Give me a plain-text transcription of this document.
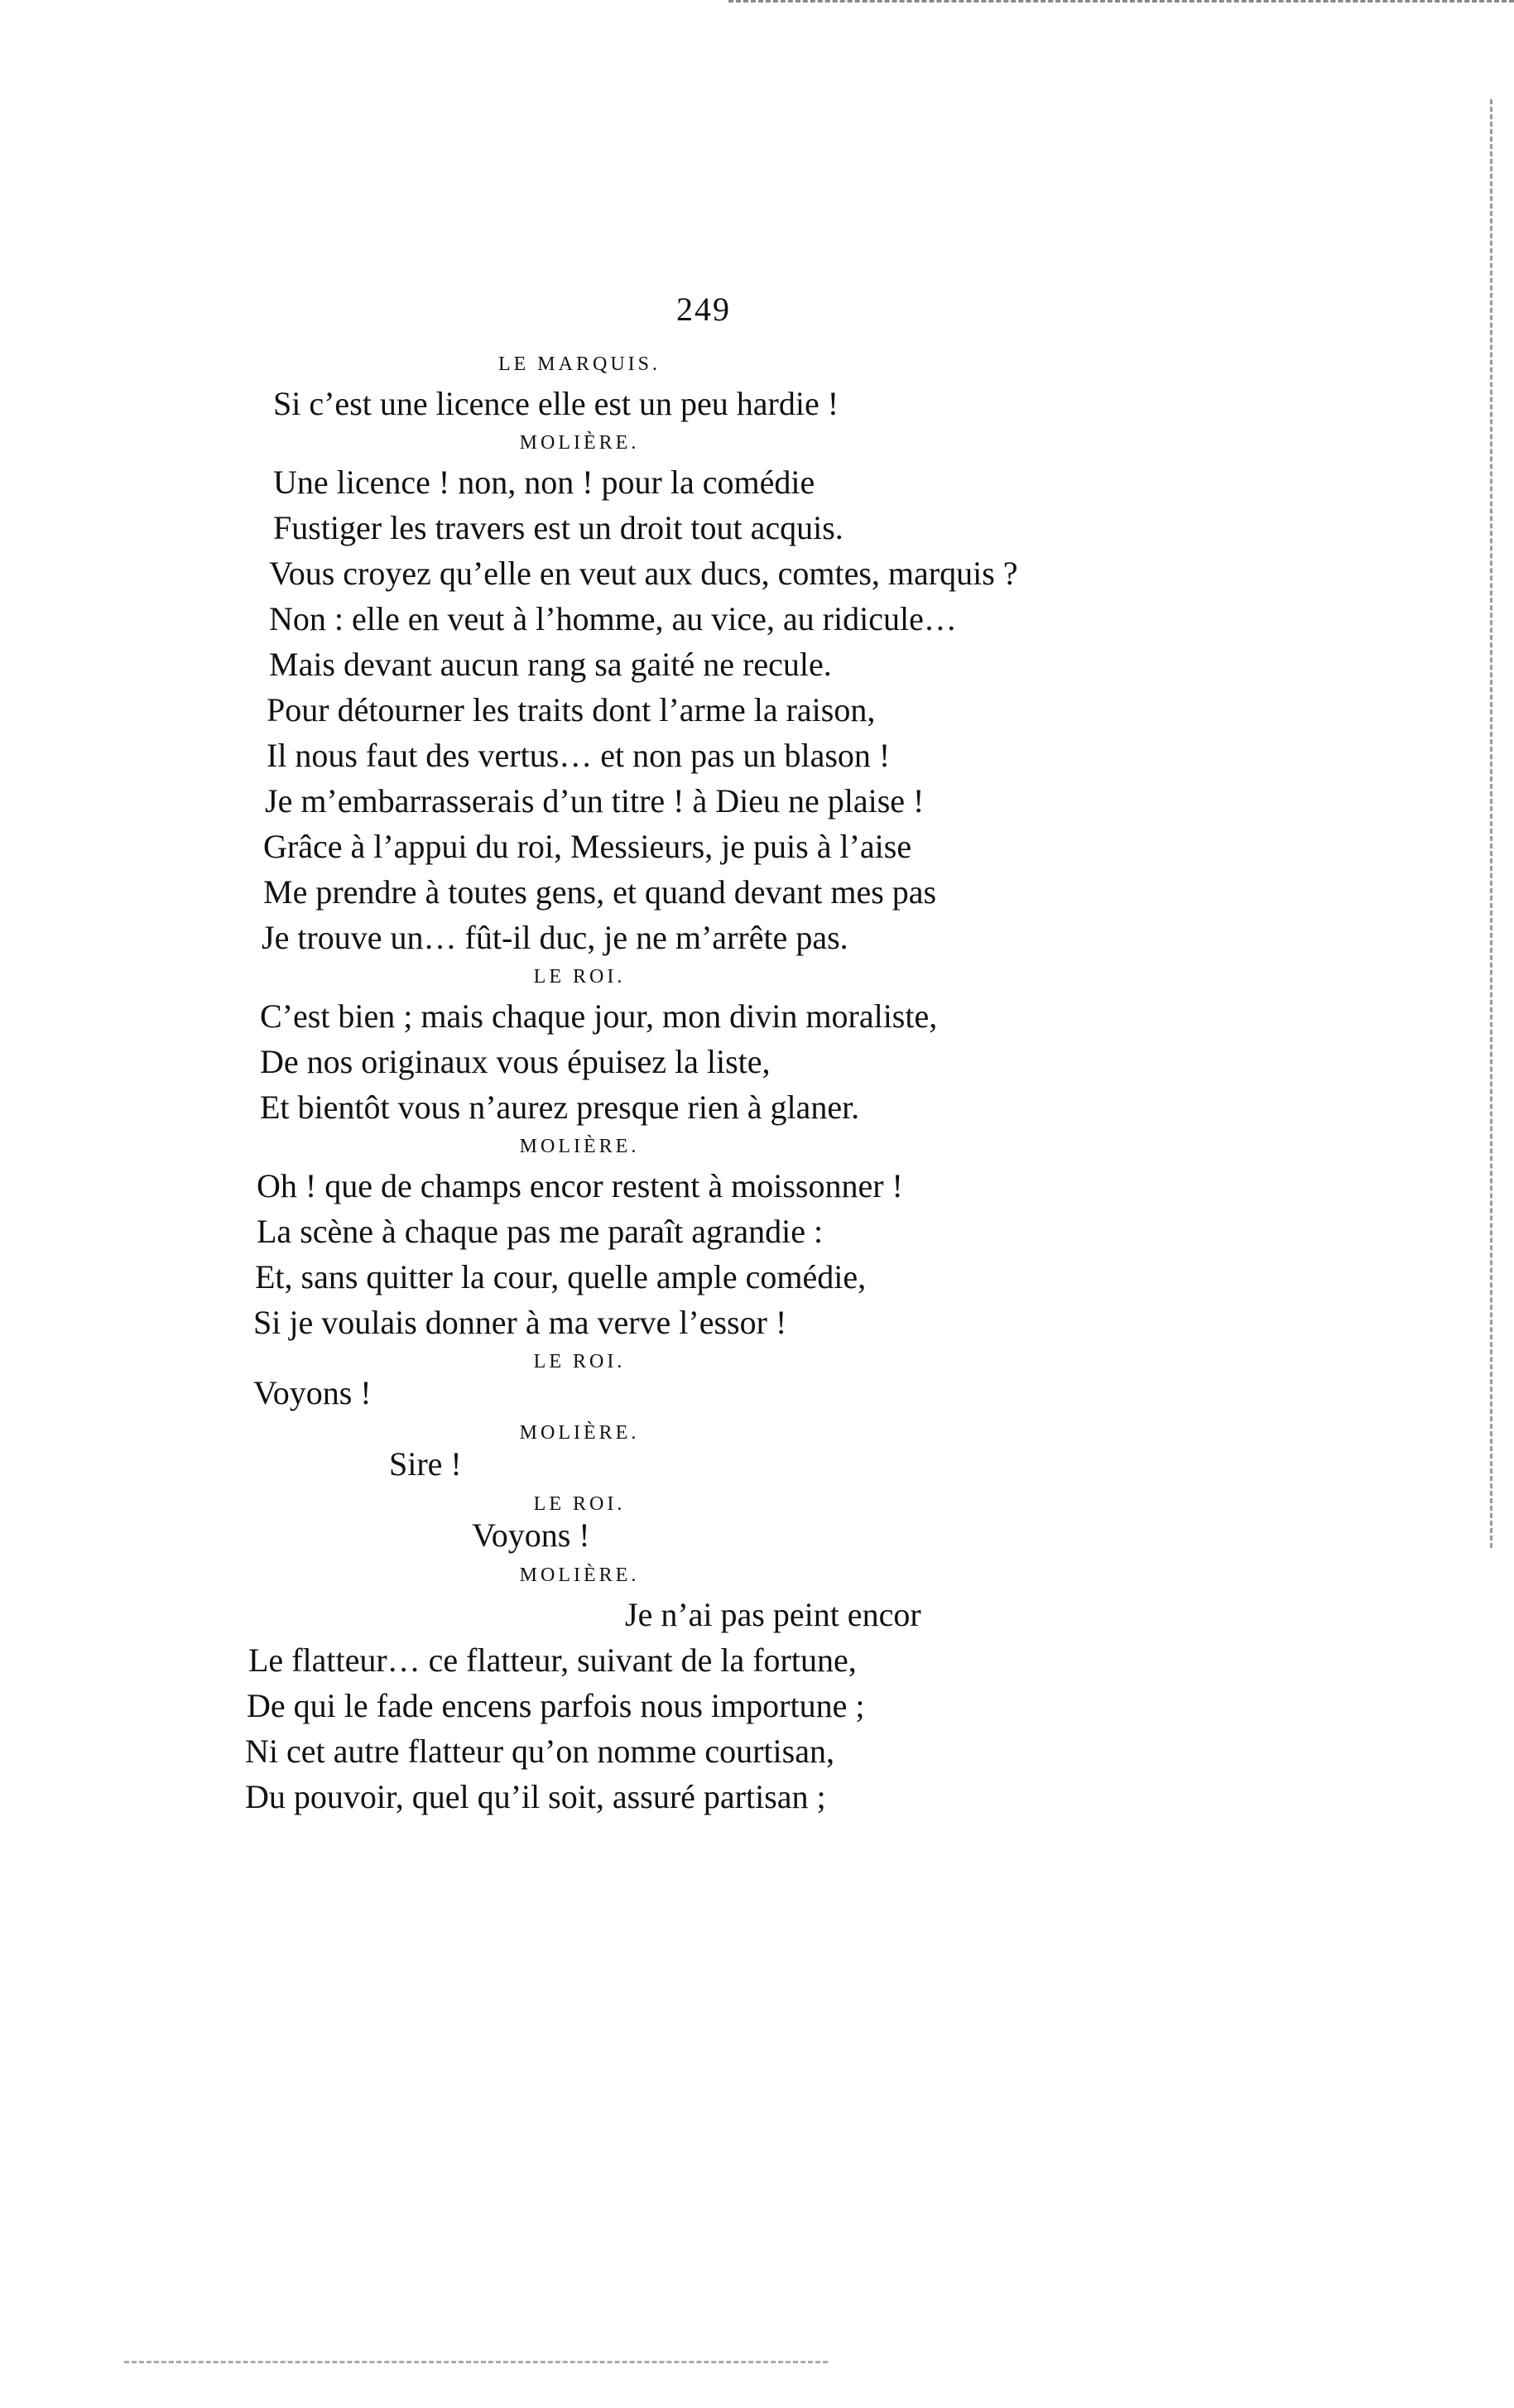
249
LE MARQUIS.
Si c’est une licence elle est un peu hardie !
MOLIÈRE.
Une licence ! non, non ! pour la comédie
Fustiger les travers est un droit tout acquis.
Vous croyez qu’elle en veut aux ducs, comtes, marquis ?
Non : elle en veut à l’homme, au vice, au ridicule…
Mais devant aucun rang sa gaité ne recule.
Pour détourner les traits dont l’arme la raison,
Il nous faut des vertus… et non pas un blason !
Je m’embarrasserais d’un titre ! à Dieu ne plaise !
Grâce à l’appui du roi, Messieurs, je puis à l’aise
Me prendre à toutes gens, et quand devant mes pas
Je trouve un… fût-il duc, je ne m’arrête pas.
LE ROI.
C’est bien ; mais chaque jour, mon divin moraliste,
De nos originaux vous épuisez la liste,
Et bientôt vous n’aurez presque rien à glaner.
MOLIÈRE.
Oh ! que de champs encor restent à moissonner !
La scène à chaque pas me paraît agrandie :
Et, sans quitter la cour, quelle ample comédie,
Si je voulais donner à ma verve l’essor !
LE ROI.
Voyons !
MOLIÈRE.
Sire !
LE ROI.
Voyons !
MOLIÈRE.
Je n’ai pas peint encor
Le flatteur… ce flatteur, suivant de la fortune,
De qui le fade encens parfois nous importune ;
Ni cet autre flatteur qu’on nomme courtisan,
Du pouvoir, quel qu’il soit, assuré partisan ;
